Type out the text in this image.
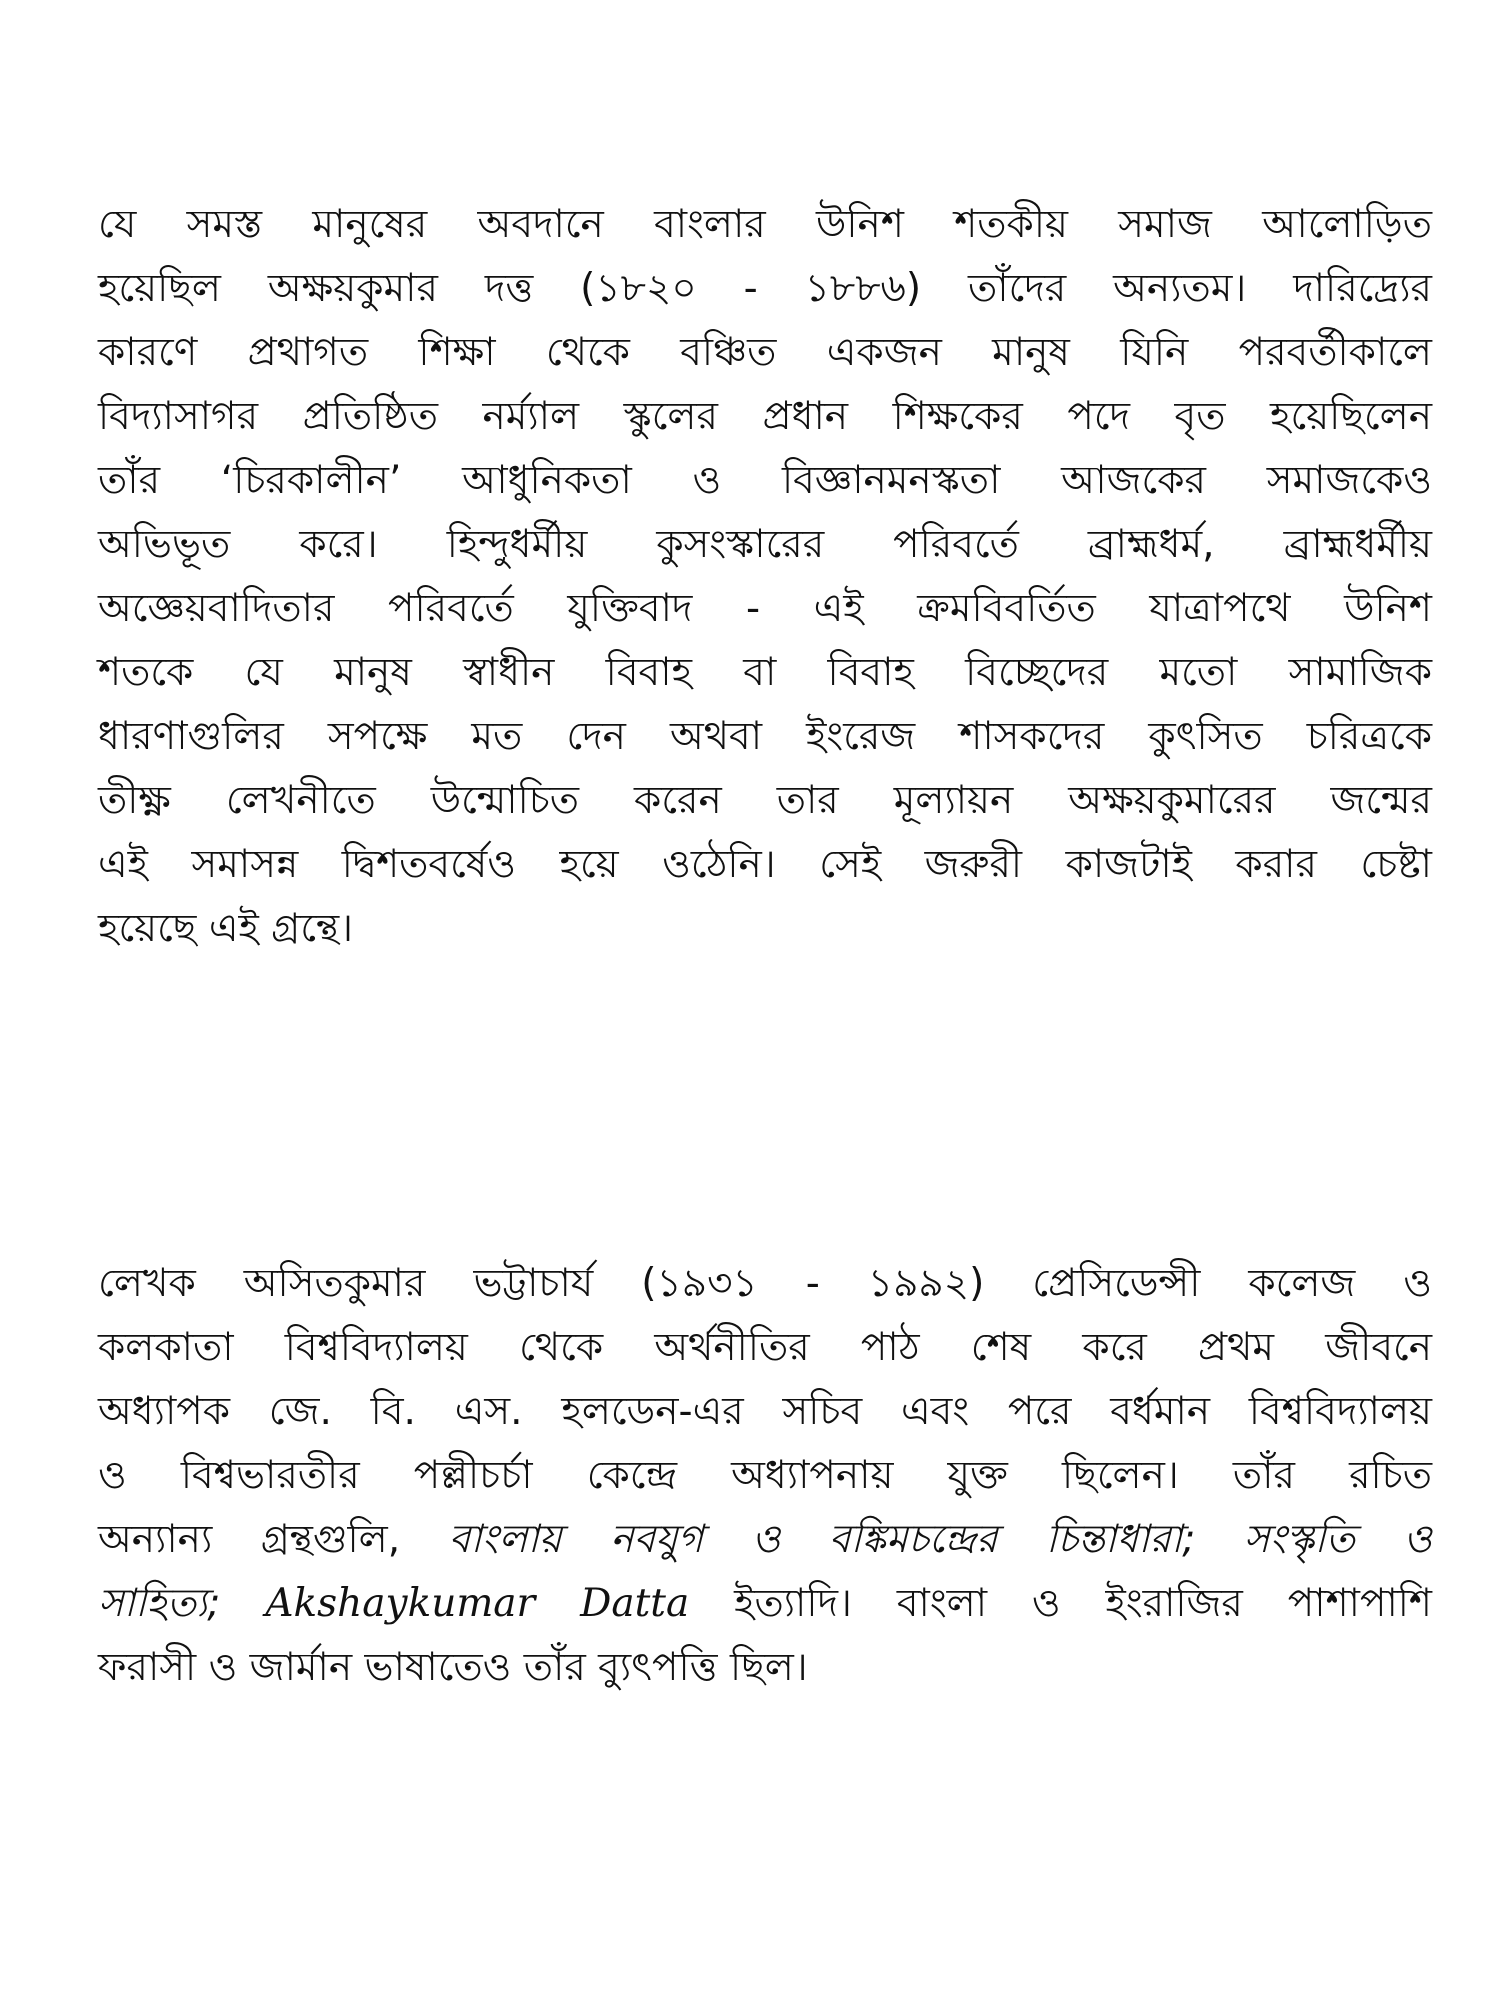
যে সমস্ত মানুষের অবদানে বাংলার উনিশ শতকীয় সমাজ আলোড়িত
হয়েছিল অক্ষয়কুমার দত্ত (১৮২০ - ১৮৮৬) তাঁদের অন্যতম। দারিদ্র্যের
কারণে প্রথাগত শিক্ষা থেকে বঞ্চিত একজন মানুষ যিনি পরবর্তীকালে
বিদ্যাসাগর প্রতিষ্ঠিত নর্ম্যাল স্কুলের প্রধান শিক্ষকের পদে বৃত হয়েছিলেন
তাঁর ‘চিরকালীন’ আধুনিকতা ও বিজ্ঞানমনস্কতা আজকের সমাজকেও
অভিভূত করে। হিন্দুধর্মীয় কুসংস্কারের পরিবর্তে ব্রাহ্মধর্ম, ব্রাহ্মধর্মীয়
অজ্ঞেয়বাদিতার পরিবর্তে যুক্তিবাদ - এই ক্রমবিবর্তিত যাত্রাপথে উনিশ
শতকে যে মানুষ স্বাধীন বিবাহ বা বিবাহ বিচ্ছেদের মতো সামাজিক
ধারণাগুলির সপক্ষে মত দেন অথবা ইংরেজ শাসকদের কুৎসিত চরিত্রকে
তীক্ষ্ণ লেখনীতে উন্মোচিত করেন তার মূল্যায়ন অক্ষয়কুমারের জন্মের
এই সমাসন্ন দ্বিশতবর্ষেও হয়ে ওঠেনি। সেই জরুরী কাজটাই করার চেষ্টা
হয়েছে এই গ্রন্থে।
লেখক অসিতকুমার ভট্টাচার্য (১৯৩১ - ১৯৯২) প্রেসিডেন্সী কলেজ ও
কলকাতা বিশ্ববিদ্যালয় থেকে অর্থনীতির পাঠ শেষ করে প্রথম জীবনে
অধ্যাপক জে. বি. এস. হলডেন-এর সচিব এবং পরে বর্ধমান বিশ্ববিদ্যালয়
ও বিশ্বভারতীর পল্লীচর্চা কেন্দ্রে অধ্যাপনায় যুক্ত ছিলেন। তাঁর রচিত
অন্যান্য গ্রন্থগুলি, বাংলায় নবযুগ ও বঙ্কিমচন্দ্রের চিন্তাধারা; সংস্কৃতি ও
সাহিত্য; Akshaykumar Datta ইত্যাদি। বাংলা ও ইংরাজির পাশাপাশি
ফরাসী ও জার্মান ভাষাতেও তাঁর ব্যুৎপত্তি ছিল।
